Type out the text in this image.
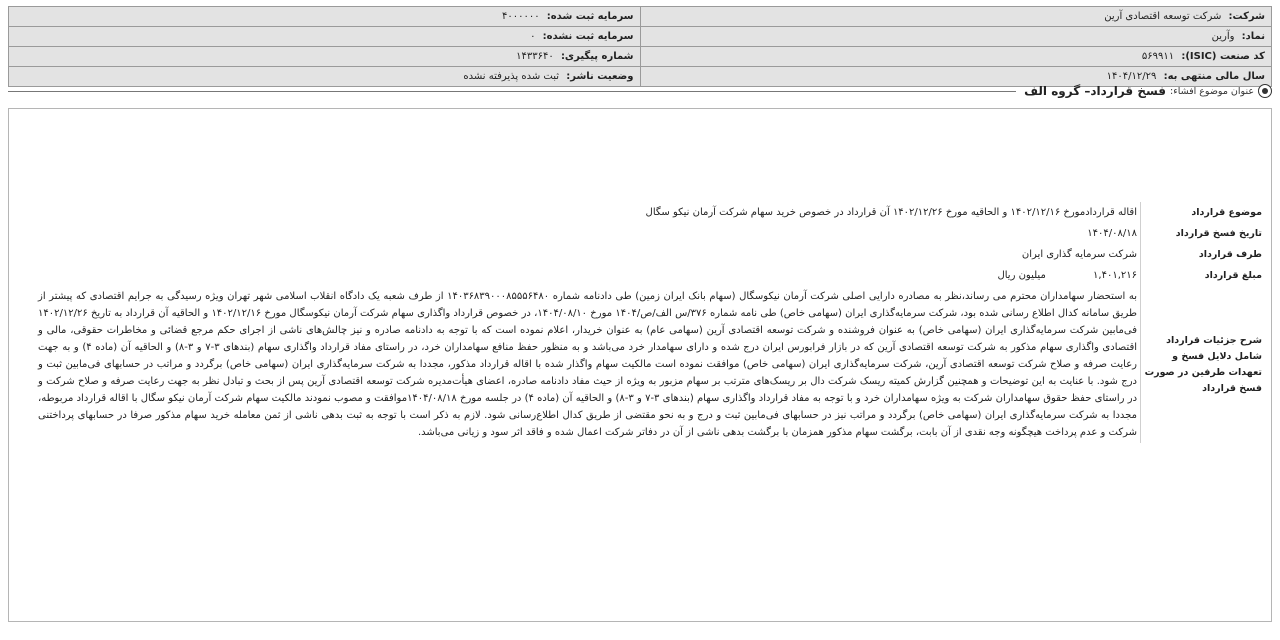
شرکت: شرکت توسعه اقتصادی آرین	سرمایه ثبت شده: ۴۰۰۰۰۰۰
نماد: وآرین	سرمایه ثبت نشده: ۰
کد صنعت (ISIC): ۵۶۹۹۱۱	شماره پیگیری: ۱۴۳۳۶۴۰
سال مالی منتهی به: ۱۴۰۴/۱۲/۲۹	وضعیت ناشر: ثبت شده پذیرفته نشده
عنوان موضوع افشاء:
فسخ قرارداد– گروه الف
موضوع قرارداد	اقاله قراردادمورخ ۱۴۰۲/۱۲/۱۶ و الحاقیه مورخ ۱۴۰۲/۱۲/۲۶ آن قرارداد در خصوص خرید سهام شرکت آرمان نیکو سگال
تاریخ فسخ قرارداد	۱۴۰۴/۰۸/۱۸
طرف قرارداد	شرکت سرمایه گذاری ایران
مبلغ قرارداد	۱,۴۰۱,۲۱۶ میلیون ریال
شرح جزئیات قرارداد شامل دلایل فسخ و تعهدات طرفین در صورت فسخ قرارداد	به استحضار سهامداران محترم می رساند،نظر به مصادره دارایی اصلی شرکت آرمان نیکوسگال (سهام بانک ایران زمین) طی دادنامه شماره ۱۴۰۳۶۸۳۹۰۰۰۸۵۵۵۶۴۸۰ از طرف شعبه یک دادگاه انقلاب اسلامی شهر تهران ویژه رسیدگی به جرایم اقتصادی که پیشتر از طریق سامانه کدال اطلاع رسانی شده بود، شرکت سرمایه‌گذاری ایران (سهامی خاص) طی نامه شماره ۳۷۶/س الف/ص/۱۴۰۴ مورخ ۱۴۰۴/۰۸/۱۰، در خصوص قرارداد واگذاری سهام شرکت آرمان نیکوسگال مورخ ۱۴۰۲/۱۲/۱۶ و الحاقیه آن قرارداد به تاریخ ۱۴۰۲/۱۲/۲۶ فی‌مابین شرکت سرمایه‌گذاری ایران (سهامی خاص) به عنوان فروشنده و شرکت توسعه اقتصادی آرین (سهامی عام) به عنوان خریدار، اعلام نموده است که با توجه به دادنامه صادره و نیز چالش‌های ناشی از اجرای حکم مرجع قضائی و مخاطرات حقوقی، مالی و اقتصادی واگذاری سهام مذکور به شرکت توسعه اقتصادی آرین که در بازار فرابورس ایران درج شده و دارای سهامدار خرد می‌باشد و به منظور حفظ منافع سهامداران خرد، در راستای مفاد قرارداد واگذاری سهام (بندهای ۳-۷ و ۳-۸) و الحاقیه آن (ماده ۴) و به جهت رعایت صرفه و صلاح شرکت توسعه اقتصادی آرین، شرکت سرمایه‌گذاری ایران (سهامی خاص) موافقت نموده است مالکیت سهام واگذار شده با اقاله قرارداد مذکور، مجددا به شرکت سرمایه‌گذاری ایران (سهامی خاص) برگردد و مراتب در حسابهای فی‌مابین ثبت و درج شود. با عنایت به این توضیحات و همچنین گزارش کمیته ریسک شرکت دال بر ریسک‌های مترتب بر سهام مزبور به ویژه از حیث مفاد دادنامه صادره، اعضای هیأت‌مدیره شرکت توسعه اقتصادی آرین پس از بحث و تبادل نظر به جهت رعایت صرفه و صلاح شرکت و در راستای حفظ حقوق سهامداران شرکت به ویژه سهامداران خرد و با توجه به مفاد قرارداد واگذاری سهام (بندهای ۳-۷ و ۳-۸) و الحاقیه آن (ماده ۴) در جلسه مورخ ۱۴۰۴/۰۸/۱۸موافقت و مصوب نمودند مالکیت سهام شرکت آرمان نیکو سگال با اقاله قرارداد مربوطه، مجددا به شرکت سرمایه‌گذاری ایران (سهامی خاص) برگردد و مراتب نیز در حسابهای فی‌مابین ثبت و درج و به نحو مقتضی از طریق کدال اطلاع‌رسانی شود. لازم به ذکر است با توجه به ثبت بدهی ناشی از ثمن معامله خرید سهام مذکور صرفا در حسابهای پرداختنی شرکت و عدم پرداخت هیچگونه وجه نقدی از آن بابت، برگشت سهام مذکور همزمان با برگشت بدهی ناشی از آن در دفاتر شرکت اعمال شده و فاقد اثر سود و زیانی می‌باشد.
